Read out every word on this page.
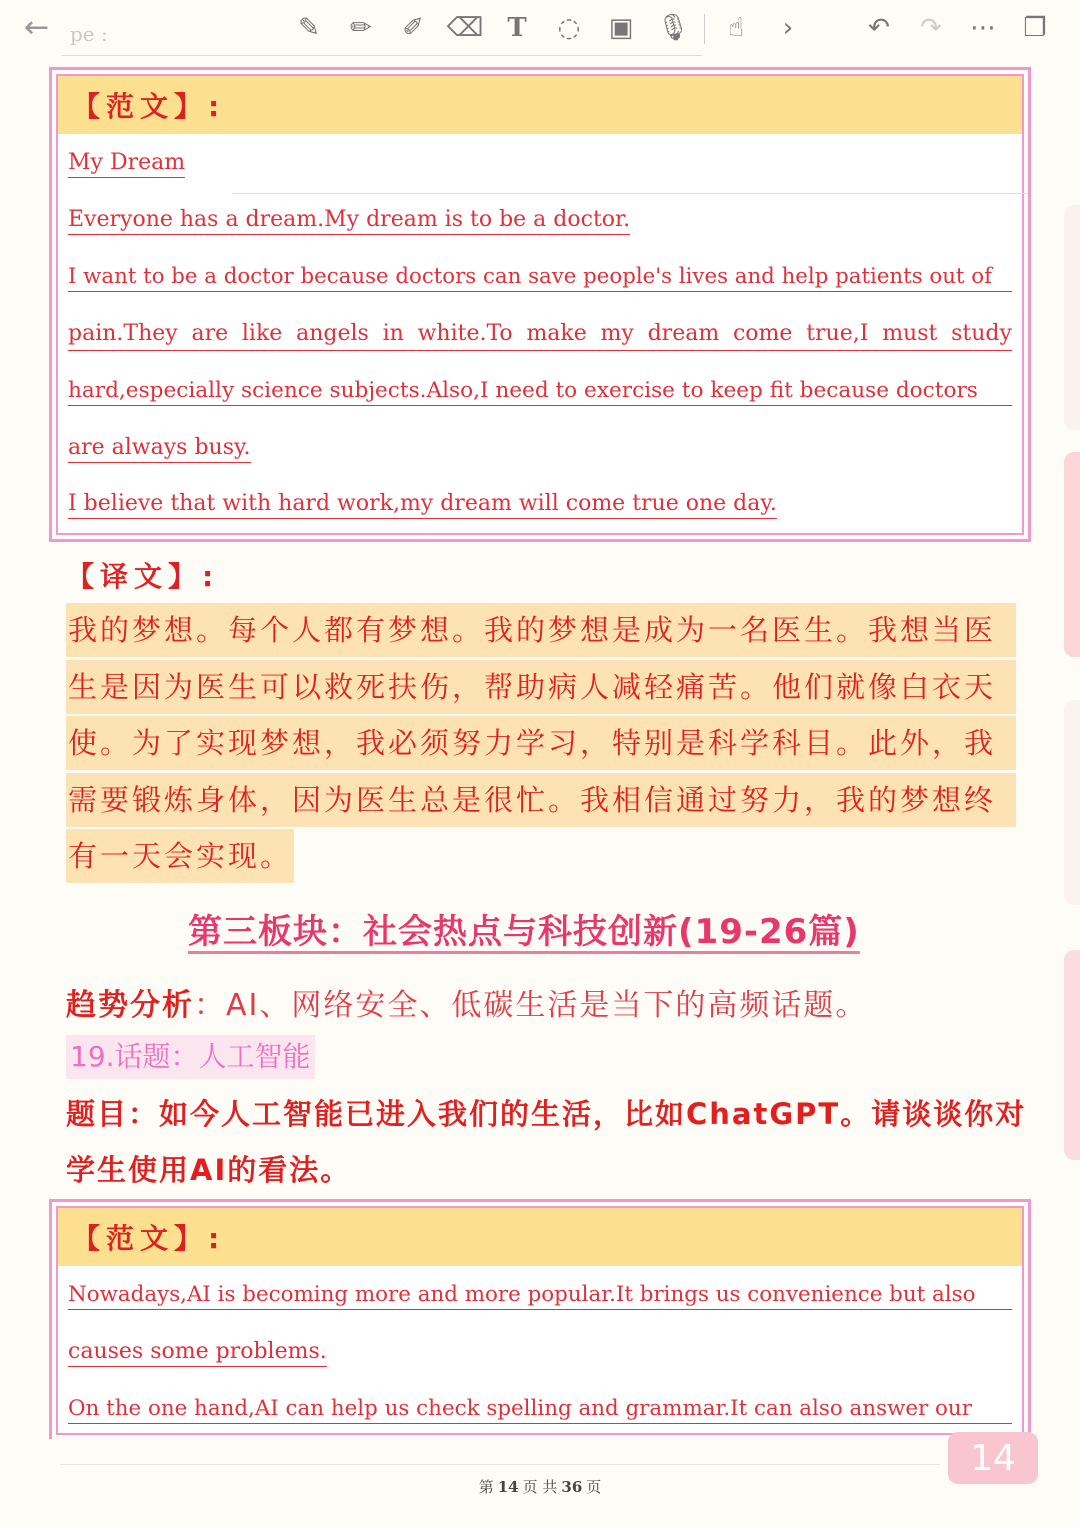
← pe :	✎	✏	✐ ⌫ T	◌	▣ 🎙	☝	›	↶	↷	⋯	❐
【范文】:
My Dream
Everyone has a dream.My dream is to be a doctor.
I want to be a doctor because doctors can save people's lives and help patients out of
pain.They are like angels in white.To make my dream come true,I must study
hard,especially science subjects.Also,I need to exercise to keep fit because doctors
are always busy.
I believe that with hard work,my dream will come true one day.
【译文】:
我的梦想。每个人都有梦想。我的梦想是成为一名医生。我想当医
生是因为医生可以救死扶伤，帮助病人减轻痛苦。他们就像白衣天
使。为了实现梦想，我必须努力学习，特别是科学科目。此外，我
需要锻炼身体，因为医生总是很忙。我相信通过努力，我的梦想终
有一天会实现。
第三板块：社会热点与科技创新(19-26篇)
趋势分析：AI、网络安全、低碳生活是当下的高频话题。
19.话题：人工智能
题目：如今人工智能已进入我们的生活，比如ChatGPT。请谈谈你对
学生使用AI的看法。
【范文】:
Nowadays,AI is becoming more and more popular.It brings us convenience but also
causes some problems.
On the one hand,AI can help us check spelling and grammar.It can also answer our
14
第 14 页 共 36 页
